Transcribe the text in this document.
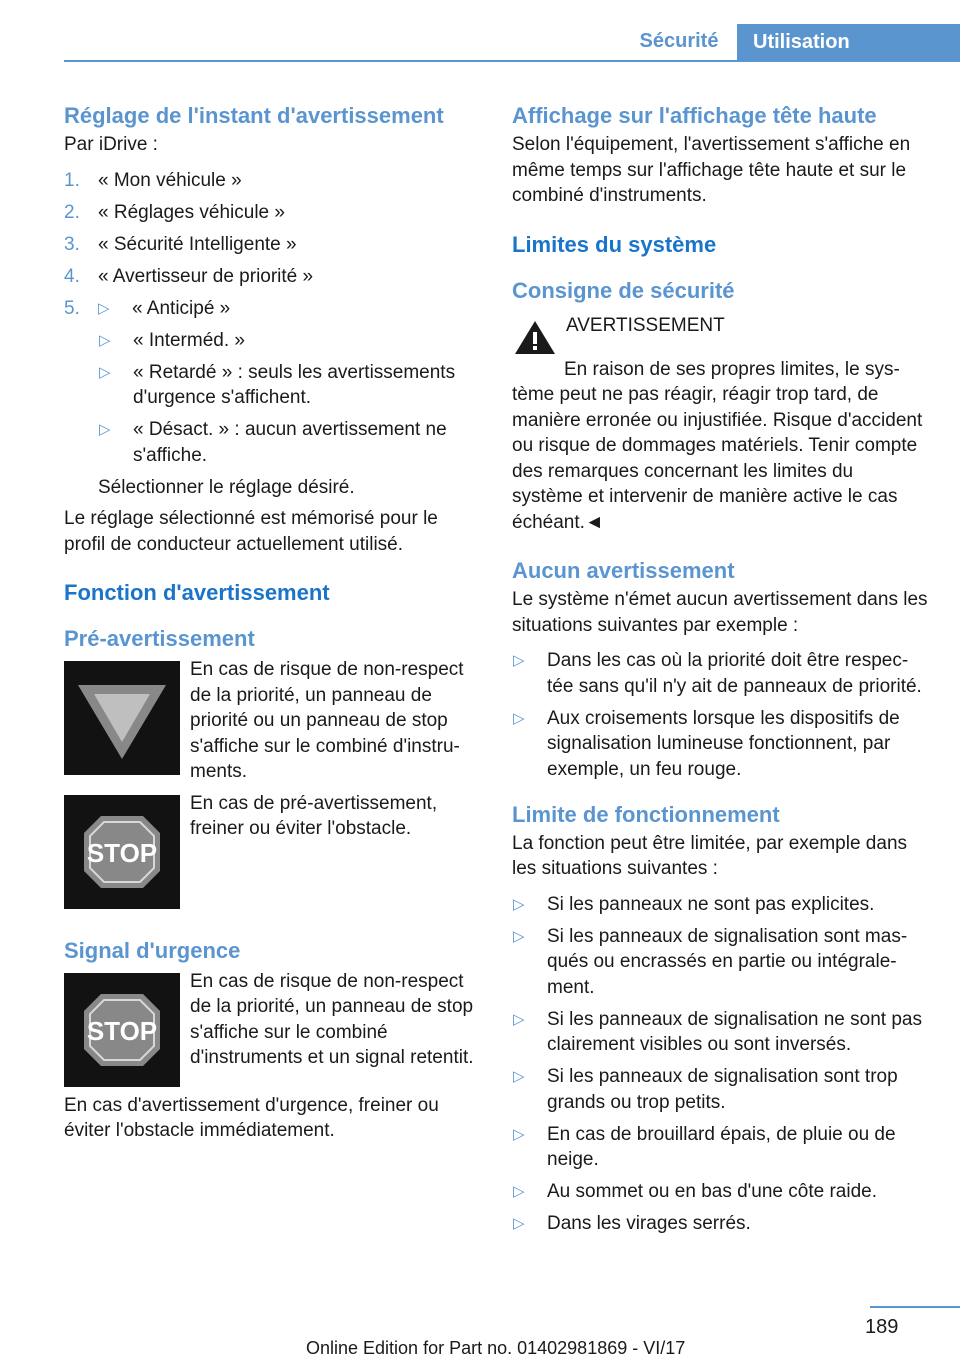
Sécurité	Utilisation
Réglage de l'instant d'avertissement

Par iDrive :

1. « Mon véhicule »
2. « Réglages véhicule »
3. « Sécurité Intelligente »
4. « Avertisseur de priorité »
5.	▷	« Anticipé »
▷	« Intermé​d. »
▷	« Retardé » : seuls les avertissements d'urgence s'affichent.
▷	« Désact. » : aucun avertissement ne s'affiche.

Sélectionner le réglage désiré.

Le réglage sélectionné est mémorisé pour le profil de conducteur actuellement utilisé.

Fonction d'avertissement
Pré-avertissement

En cas de risque de non-respect de la priorité, un panneau de priorité ou un panneau de stop s'affiche sur le combiné d'instruments.

STOP

En cas de pré-avertissement, freiner ou éviter l'obstacle.

Signal d'urgence
STOP

En cas de risque de non-respect de la priorité, un panneau de stop s'affiche sur le combiné d'instruments et un signal retentit.

En cas d'avertissement d'urgence, freiner ou éviter l'obstacle immédiatement.

Affichage sur l'affichage tête haute

Selon l'équipement, l'avertissement s'affiche en même temps sur l'affichage tête haute et sur le combiné d'instruments.

Limites du système
Consigne de sécurité
AVERTISSEMENT

En raison de ses propres limites, le système peut ne pas réagir, réagir trop tard, de manière erronée ou injustifiée. Risque d'accident ou risque de dommages matériels. Tenir compte des remarques concernant les limites du système et intervenir de manière active le cas échéant.◄

Aucun avertissement

Le système n'émet aucun avertissement dans les situations suivantes par exemple :

▷	Dans les cas où la priorité doit être respectée sans qu'il n'y ait de panneaux de priorité.
▷	Aux croisements lorsque les dispositifs de signalisation lumineuse fonctionnent, par exemple, un feu rouge.
Limite de fonctionnement

La fonction peut être limitée, par exemple dans les situations suivantes :

▷	Si les panneaux ne sont pas explicites.
▷	Si les panneaux de signalisation sont masqués ou encrassés en partie ou intégralement.
▷	Si les panneaux de signalisation ne sont pas clairement visibles ou sont inversés.
▷	Si les panneaux de signalisation sont trop grands ou trop petits.
▷	En cas de brouillard épais, de pluie ou de neige.
▷	Au sommet ou en bas d'une côte raide.
▷	Dans les virages serrés.
189
Online Edition for Part no. 01402981869 - VI/17
